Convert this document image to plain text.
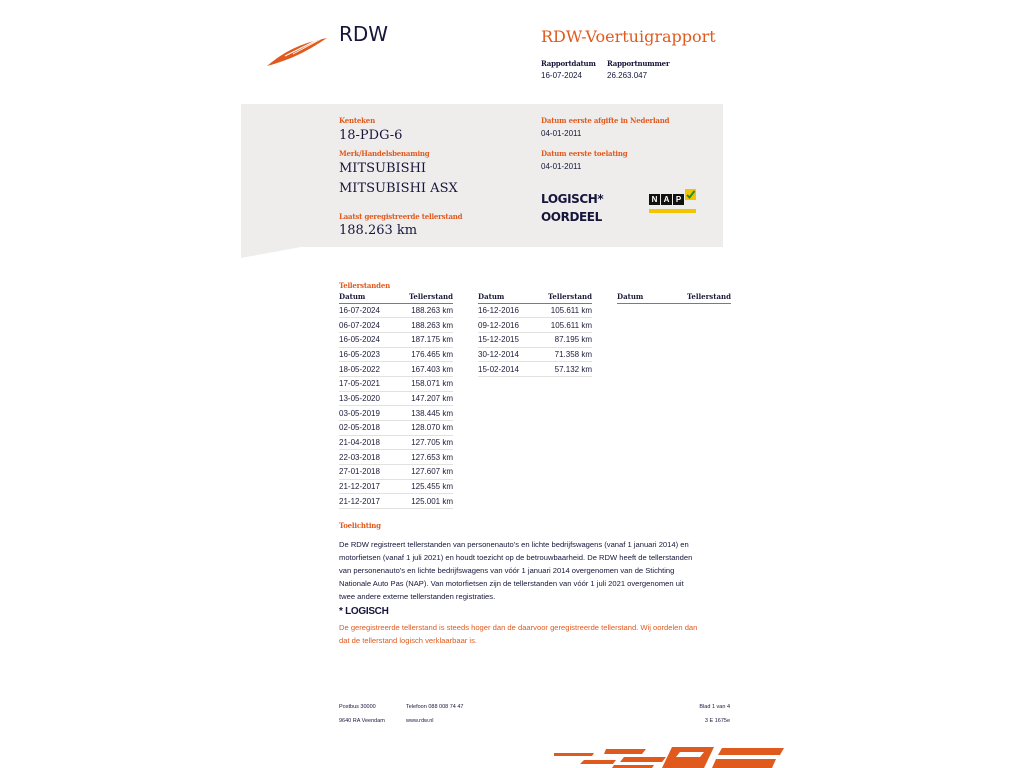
RDW	RDW-Voertuigrapport
Rapportdatum
16-07-2024
Rapportnummer
26.263.047
Kenteken
18-PDG-6
Merk/Handelsbenaming
MITSUBISHI
MITSUBISHI ASX
Laatst geregistreerde tellerstand
188.263 km
Datum eerste afgifte in Nederland
04-01-2011
Datum eerste toelating
04-01-2011
LOGISCH*
OORDEEL
N A P
Tellerstanden
Datum	Tellerstand
16-07-2024	188.263 km
06-07-2024	188.263 km
16-05-2024	187.175 km
16-05-2023	176.465 km
18-05-2022	167.403 km
17-05-2021	158.071 km
13-05-2020	147.207 km
03-05-2019	138.445 km
02-05-2018	128.070 km
21-04-2018	127.705 km
22-03-2018	127.653 km
27-01-2018	127.607 km
21-12-2017	125.455 km
21-12-2017	125.001 km
Datum	Tellerstand
16-12-2016	105.611 km
09-12-2016	105.611 km
15-12-2015	87.195 km
30-12-2014	71.358 km
15-02-2014	57.132 km
Datum	Tellerstand
Toelichting
De RDW registreert tellerstanden van personenauto's en lichte bedrijfswagens (vanaf 1 januari 2014) en
motorfietsen (vanaf 1 juli 2021) en houdt toezicht op de betrouwbaarheid. De RDW heeft de tellerstanden
van personenauto's en lichte bedrijfswagens van vóór 1 januari 2014 overgenomen van de Stichting
Nationale Auto Pas (NAP). Van motorfietsen zijn de tellerstanden van vóór 1 juli 2021 overgenomen uit
twee andere externe tellerstanden registraties.
* LOGISCH
De geregistreerde tellerstand is steeds hoger dan de daarvoor geregistreerde tellerstand. Wij oordelen dan
dat de tellerstand logisch verklaarbaar is.
Postbus 30000
9640 RA Veendam
Telefoon 088 008 74 47
www.rdw.nl
Blad 1 van 4
3 E 1675e
